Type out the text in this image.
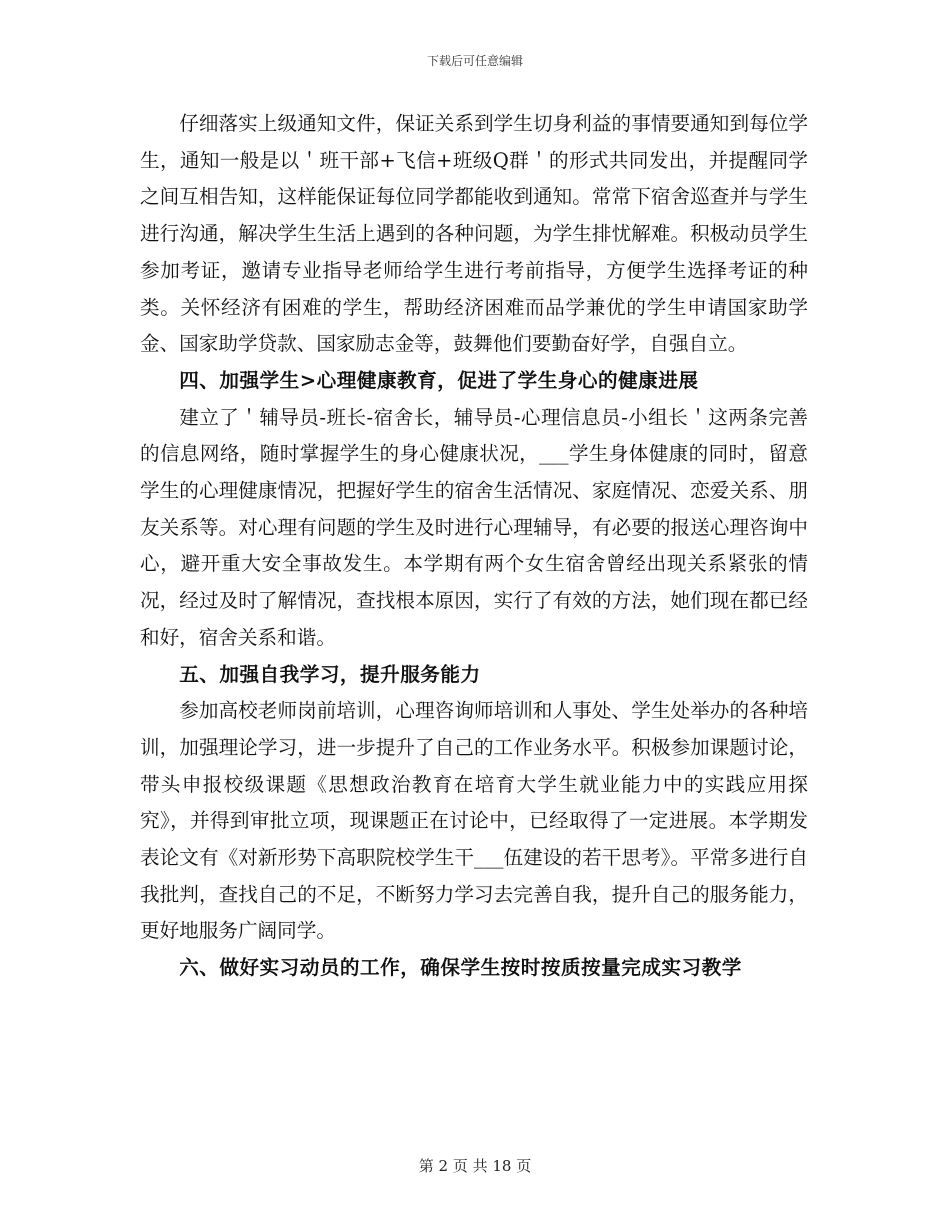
下载后可任意编辑

仔细落实上级通知文件，保证关系到学生切身利益的事情要通知到每位学生，通知一般是以＇班干部+飞信+班级Q群＇的形式共同发出，并提醒同学之间互相告知，这样能保证每位同学都能收到通知。常常下宿舍巡查并与学生进行沟通，解决学生生活上遇到的各种问题，为学生排忧解难。积极动员学生参加考证，邀请专业指导老师给学生进行考前指导，方便学生选择考证的种类。关怀经济有困难的学生，帮助经济困难而品学兼优的学生申请国家助学金、国家助学贷款、国家励志金等，鼓舞他们要勤奋好学，自强自立。

四、加强学生>心理健康教育，促进了学生身心的健康进展

建立了＇辅导员-班长-宿舍长，辅导员-心理信息员-小组长＇这两条完善的信息网络，随时掌握学生的身心健康状况，___学生身体健康的同时，留意学生的心理健康情况，把握好学生的宿舍生活情况、家庭情况、恋爱关系、朋友关系等。对心理有问题的学生及时进行心理辅导，有必要的报送心理咨询中心，避开重大安全事故发生。本学期有两个女生宿舍曾经出现关系紧张的情况，经过及时了解情况，查找根本原因，实行了有效的方法，她们现在都已经和好，宿舍关系和谐。

五、加强自我学习，提升服务能力

参加高校老师岗前培训，心理咨询师培训和人事处、学生处举办的各种培训，加强理论学习，进一步提升了自己的工作业务水平。积极参加课题讨论，带头申报校级课题《思想政治教育在培育大学生就业能力中的实践应用探究》，并得到审批立项，现课题正在讨论中，已经取得了一定进展。本学期发表论文有《对新形势下高职院校学生干___伍建设的若干思考》。平常多进行自我批判，查找自己的不足，不断努力学习去完善自我，提升自己的服务能力，更好地服务广阔同学。

六、做好实习动员的工作，确保学生按时按质按量完成实习教学
第 2 页 共 18 页
